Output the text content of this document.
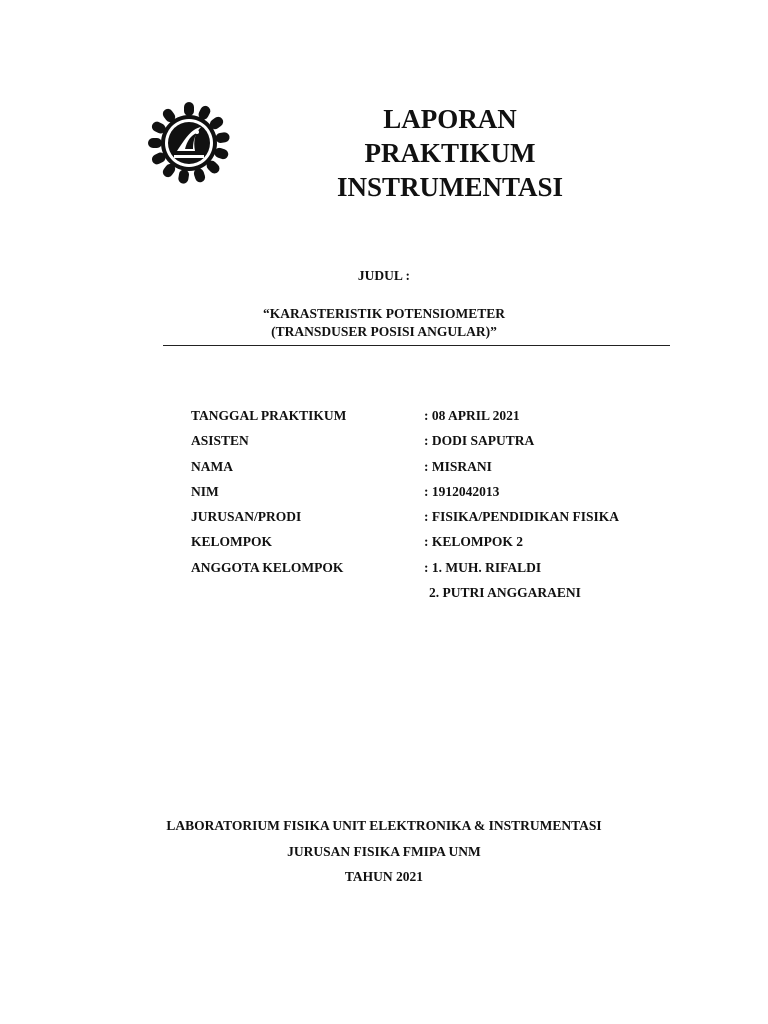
LAPORAN
PRAKTIKUM
INSTRUMENTASI
JUDUL :
“KARASTERISTIK POTENSIOMETER
(TRANSDUSER POSISI ANGULAR)”
TANGGAL PRAKTIKUM	: 08 APRIL 2021
ASISTEN	: DODI SAPUTRA
NAMA	: MISRANI
NIM	: 1912042013
JURUSAN/PRODI	: FISIKA/PENDIDIKAN FISIKA
KELOMPOK	: KELOMPOK 2
ANGGOTA KELOMPOK	: 1. MUH. RIFALDI
2. PUTRI ANGGARAENI
LABORATORIUM FISIKA UNIT ELEKTRONIKA & INSTRUMENTASI
JURUSAN FISIKA FMIPA UNM
TAHUN 2021
